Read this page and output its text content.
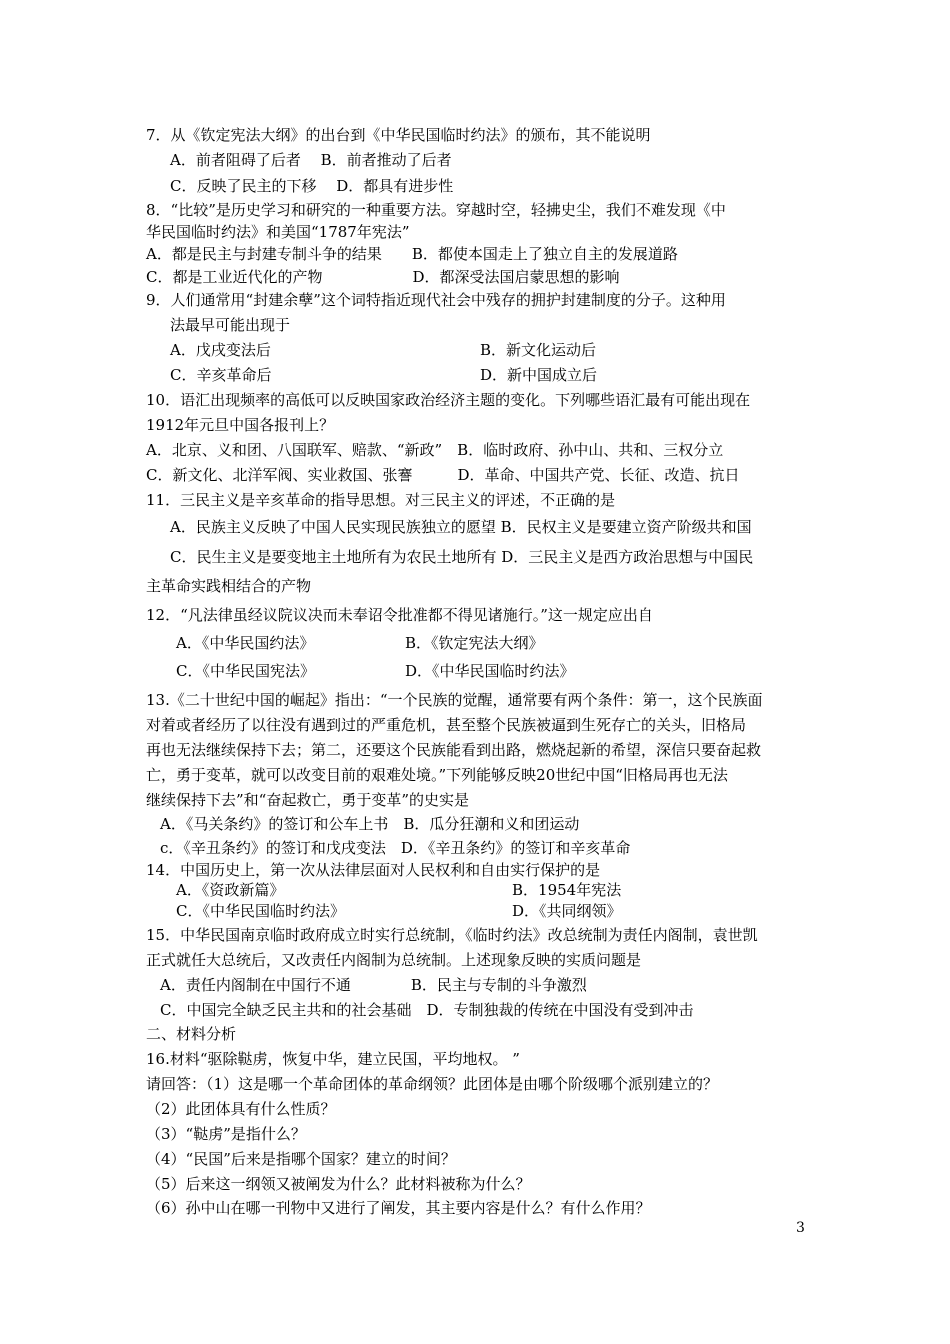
7．从《钦定宪法大纲》的出台到《中华民国临时约法》的颁布，其不能说明
A．前者阻碍了后者　 B．前者推动了后者
C．反映了民主的下移　 D．都具有进步性
8．“比较”是历史学习和研究的一种重要方法。穿越时空，轻拂史尘，我们不难发现《中
华民国临时约法》和美国“1787年宪法”
A．都是民主与封建专制斗争的结果　　B．都使本国走上了独立自主的发展道路
C．都是工业近代化的产物　　　　　　D．都深受法国启蒙思想的影响
9．人们通常用“封建余孽”这个词特指近现代社会中残存的拥护封建制度的分子。这种用
法最早可能出现于
A．戊戌变法后	B．新文化运动后
C．辛亥革命后	D．新中国成立后
10．语汇出现频率的高低可以反映国家政治经济主题的变化。下列哪些语汇最有可能出现在
1912年元旦中国各报刊上？
A．北京、义和团、八国联军、赔款、“新政”　B．临时政府、孙中山、共和、三权分立
C．新文化、北洋军阀、实业救国、张謇　　　D．革命、中国共产党、长征、改造、抗日
11．三民主义是辛亥革命的指导思想。对三民主义的评述，不正确的是
A．民族主义反映了中国人民实现民族独立的愿望 B．民权主义是要建立资产阶级共和国
C．民生主义是要变地主土地所有为农民土地所有 D．三民主义是西方政治思想与中国民
主革命实践相结合的产物
12．“凡法律虽经议院议决而未奉诏令批准都不得见诸施行。”这一规定应出自
A．《中华民国约法》	B．《钦定宪法大纲》
C．《中华民国宪法》	D．《中华民国临时约法》
13.《二十世纪中国的崛起》指出：“一个民族的觉醒，通常要有两个条件：第一，这个民族面
对着或者经历了以往没有遇到过的严重危机，甚至整个民族被逼到生死存亡的关头，旧格局
再也无法继续保持下去；第二，还要这个民族能看到出路，燃烧起新的希望，深信只要奋起救
亡，勇于变革，就可以改变目前的艰难处境。”下列能够反映20世纪中国“旧格局再也无法
继续保持下去”和“奋起救亡，勇于变革”的史实是
A．《马关条约》的签订和公车上书　B．瓜分狂潮和义和团运动
c．《辛丑条约》的签订和戊戌变法　D．《辛丑条约》的签订和辛亥革命
14．中国历史上，第一次从法律层面对人民权利和自由实行保护的是
A．《资政新篇》	B．1954年宪法
C．《中华民国临时约法》	D．《共同纲领》
15．中华民国南京临时政府成立时实行总统制，《临时约法》改总统制为责任内阁制，袁世凯
正式就任大总统后，又改责任内阁制为总统制。上述现象反映的实质问题是
A．责任内阁制在中国行不通　　　　B．民主与专制的斗争激烈
C．中国完全缺乏民主共和的社会基础　D．专制独裁的传统在中国没有受到冲击
二、材料分析
16.材料“驱除鞑虏，恢复中华，建立民国，平均地权。 ”
请回答：（1）这是哪一个革命团体的革命纲领？此团体是由哪个阶级哪个派别建立的？
（2）此团体具有什么性质？
（3）“鞑虏”是指什么？
（4）“民国”后来是指哪个国家？建立的时间？
（5）后来这一纲领又被阐发为什么？此材料被称为什么？
（6）孙中山在哪一刊物中又进行了阐发，其主要内容是什么？有什么作用？
3
